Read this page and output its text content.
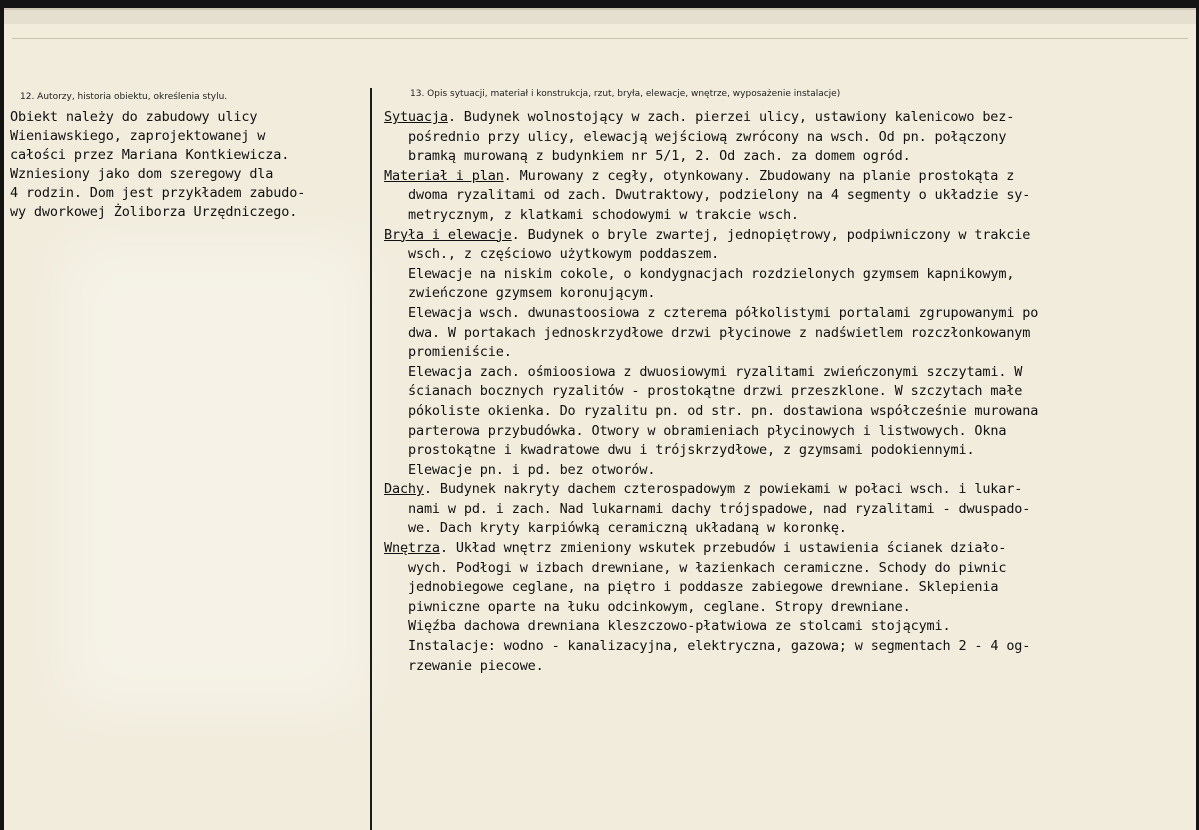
12. Autorzy, historia obiektu, określenia stylu.	13. Opis sytuacji, materiał i konstrukcja, rzut, bryła, elewacje, wnętrze, wyposażenie instalacje)
Obiekt należy do zabudowy ulicy
Wieniawskiego, zaprojektowanej w
całości przez Mariana Kontkiewicza.
Wzniesiony jako dom szeregowy dla
4 rodzin. Dom jest przykładem zabudo-
wy dworkowej Żoliborza Urzędniczego.
Sytuacja. Budynek wolnostojący w zach. pierzei ulicy, ustawiony kalenicowo bez-
pośrednio przy ulicy, elewacją wejściową zwrócony na wsch. Od pn. połączony
bramką murowaną z budynkiem nr 5/1, 2. Od zach. za domem ogród.
Materiał i plan. Murowany z cegły, otynkowany. Zbudowany na planie prostokąta z
dwoma ryzalitami od zach. Dwutraktowy, podzielony na 4 segmenty o układzie sy-
metrycznym, z klatkami schodowymi w trakcie wsch.
Bryła i elewacje. Budynek o bryle zwartej, jednopiętrowy, podpiwniczony w trakcie
wsch., z częściowo użytkowym poddaszem.
Elewacje na niskim cokole, o kondygnacjach rozdzielonych gzymsem kapnikowym,
zwieńczone gzymsem koronującym.
Elewacja wsch. dwunastoosiowa z czterema półkolistymi portalami zgrupowanymi po
dwa. W portakach jednoskrzydłowe drzwi płycinowe z nadświetlem rozczłonkowanym
promieniście.
Elewacja zach. ośmioosiowa z dwuosiowymi ryzalitami zwieńczonymi szczytami. W
ścianach bocznych ryzalitów - prostokątne drzwi przeszklone. W szczytach małe
pókoliste okienka. Do ryzalitu pn. od str. pn. dostawiona współcześnie murowana
parterowa przybudówka. Otwory w obramieniach płycinowych i listwowych. Okna
prostokątne i kwadratowe dwu i trójskrzydłowe, z gzymsami podokiennymi.
Elewacje pn. i pd. bez otworów.
Dachy. Budynek nakryty dachem czterospadowym z powiekami w połaci wsch. i lukar-
nami w pd. i zach. Nad lukarnami dachy trójspadowe, nad ryzalitami - dwuspado-
we. Dach kryty karpiówką ceramiczną układaną w koronkę.
Wnętrza. Układ wnętrz zmieniony wskutek przebudów i ustawienia ścianek działo-
wych. Podłogi w izbach drewniane, w łazienkach ceramiczne. Schody do piwnic
jednobiegowe ceglane, na piętro i poddasze zabiegowe drewniane. Sklepienia
piwniczne oparte na łuku odcinkowym, ceglane. Stropy drewniane.
Więźba dachowa drewniana kleszczowo-płatwiowa ze stolcami stojącymi.
Instalacje: wodno - kanalizacyjna, elektryczna, gazowa; w segmentach 2 - 4 og-
rzewanie piecowe.
